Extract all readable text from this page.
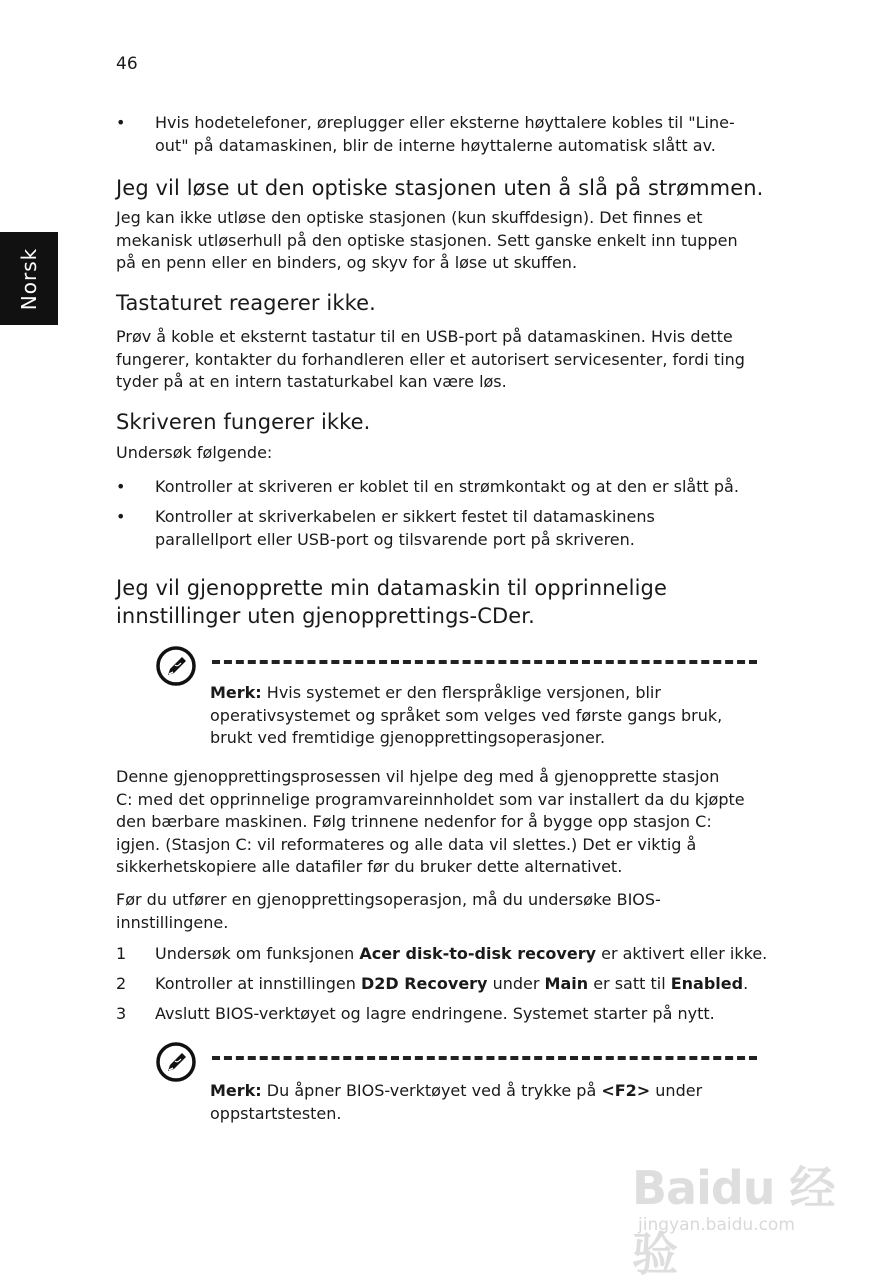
46
Norsk
• Hvis hodetelefoner, øreplugger eller eksterne høyttalere kobles til "Line-out" på datamaskinen, blir de interne høyttalerne automatisk slått av.
Jeg vil løse ut den optiske stasjonen uten å slå på strømmen.
Jeg kan ikke utløse den optiske stasjonen (kun skuffdesign). Det finnes et
mekanisk utløserhull på den optiske stasjonen. Sett ganske enkelt inn tuppen
på en penn eller en binders, og skyv for å løse ut skuffen.
Tastaturet reagerer ikke.
Prøv å koble et eksternt tastatur til en USB-port på datamaskinen. Hvis dette
fungerer, kontakter du forhandleren eller et autorisert servicesenter, fordi ting
tyder på at en intern tastaturkabel kan være løs.
Skriveren fungerer ikke.
Undersøk følgende:
• Kontroller at skriveren er koblet til en strømkontakt og at den er slått på.
• Kontroller at skriverkabelen er sikkert festet til datamaskinens
parallellport eller USB-port og tilsvarende port på skriveren.
Jeg vil gjenopprette min datamaskin til opprinnelige
innstillinger uten gjenopprettings-CDer.
Merk: Hvis systemet er den flerspråklige versjonen, blir
operativsystemet og språket som velges ved første gangs bruk,
brukt ved fremtidige gjenopprettingsoperasjoner.
Denne gjenopprettingsprosessen vil hjelpe deg med å gjenopprette stasjon
C: med det opprinnelige programvareinnholdet som var installert da du kjøpte
den bærbare maskinen. Følg trinnene nedenfor for å bygge opp stasjon C:
igjen. (Stasjon C: vil reformateres og alle data vil slettes.) Det er viktig å
sikkerhetskopiere alle datafiler før du bruker dette alternativet.
Før du utfører en gjenopprettingsoperasjon, må du undersøke BIOS-
innstillingene.
1 Undersøk om funksjonen Acer disk-to-disk recovery er aktivert eller ikke.
2 Kontroller at innstillingen D2D Recovery under Main er satt til Enabled.
3 Avslutt BIOS-verktøyet og lagre endringene. Systemet starter på nytt.
Merk: Du åpner BIOS-verktøyet ved å trykke på <F2> under
oppstartstesten.
Baidu 经验
jingyan.baidu.com
